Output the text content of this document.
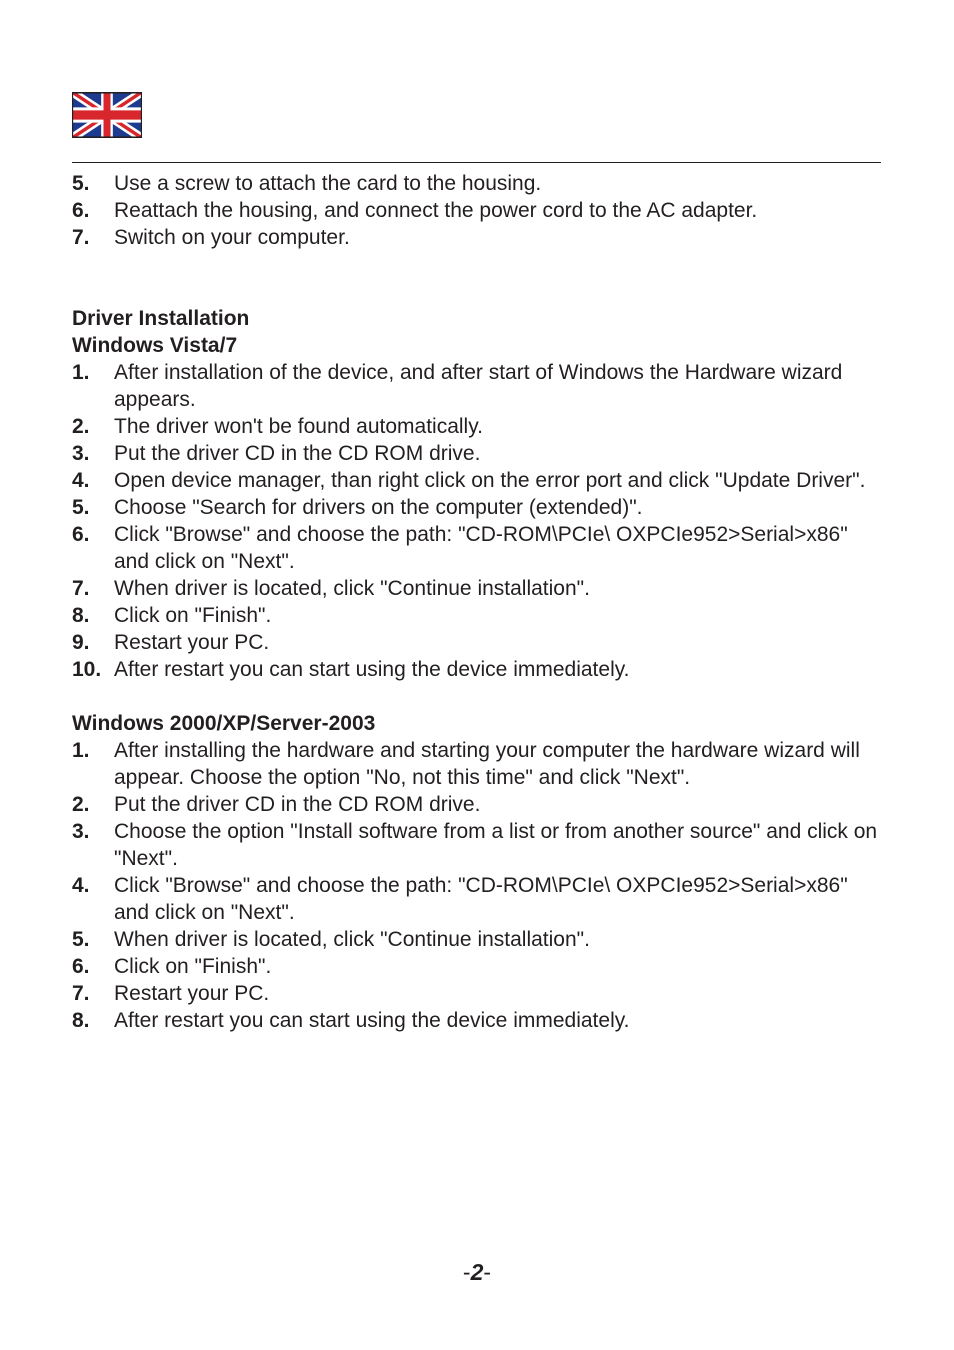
5.	Use a screw to attach the card to the housing.
6.	Reattach the housing, and connect the power cord to the AC adapter.
7.	Switch on your computer.
Driver Installation
Windows Vista/7
1.	After installation of the device, and after start of Windows the Hardware wizard appears.
2.	The driver won't be found automatically.
3.	Put the driver CD in the CD ROM drive.
4.	Open device manager, than right click on the error port and click "Update Driver".
5.	Choose "Search for drivers on the computer (extended)".
6.	Click "Browse" and choose the path: "CD-ROM\PCIe\ OXPCIe952>Serial>x86" and click on "Next".
7.	When driver is located, click "Continue installation".
8.	Click on "Finish".
9.	Restart your PC.
10. After restart you can start using the device immediately.
Windows 2000/XP/Server-2003
1.	After installing the hardware and starting your computer the hardware wizard will appear. Choose the option "No, not this time" and click "Next".
2.	Put the driver CD in the CD ROM drive.
3.	Choose the option "Install software from a list or from another source" and click on "Next".
4.	Click "Browse" and choose the path: "CD-ROM\PCIe\ OXPCIe952>Serial>x86" and click on "Next".
5.	When driver is located, click "Continue installation".
6.	Click on "Finish".
7.	Restart your PC.
8.	After restart you can start using the device immediately.
-2-
